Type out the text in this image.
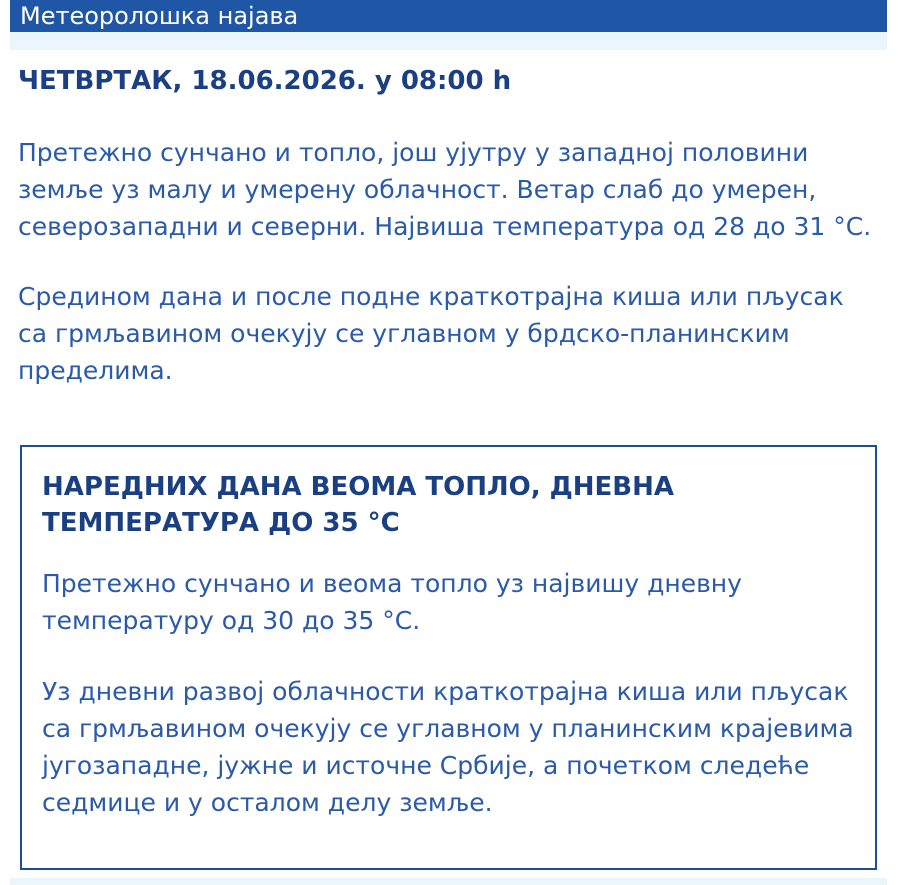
Метеоролошка најава
ЧЕТВРТАК, 18.06.2026. у 08:00 h

Претежно сунчано и топло, још ујутру у западној половини земље уз малу и умерену облачност. Ветар слаб до умерен, северозападни и северни. Највиша температура од 28 до 31 °C.

Средином дана и после подне краткотрајна киша или пљусак са грмљавином очекују се углавном у брдско-планинским пределима.

НАРЕДНИХ ДАНА ВЕОМА ТОПЛО, ДНЕВНА ТЕМПЕРАТУРА ДО 35 °C

Претежно сунчано и веома топло уз највишу дневну температуру од 30 до 35 °C.

Уз дневни развој облачности краткотрајна киша или пљусак са грмљавином очекују се углавном у планинским крајевима југозападне, јужне и источне Србије, а почетком следеће седмице и у осталом делу земље.
